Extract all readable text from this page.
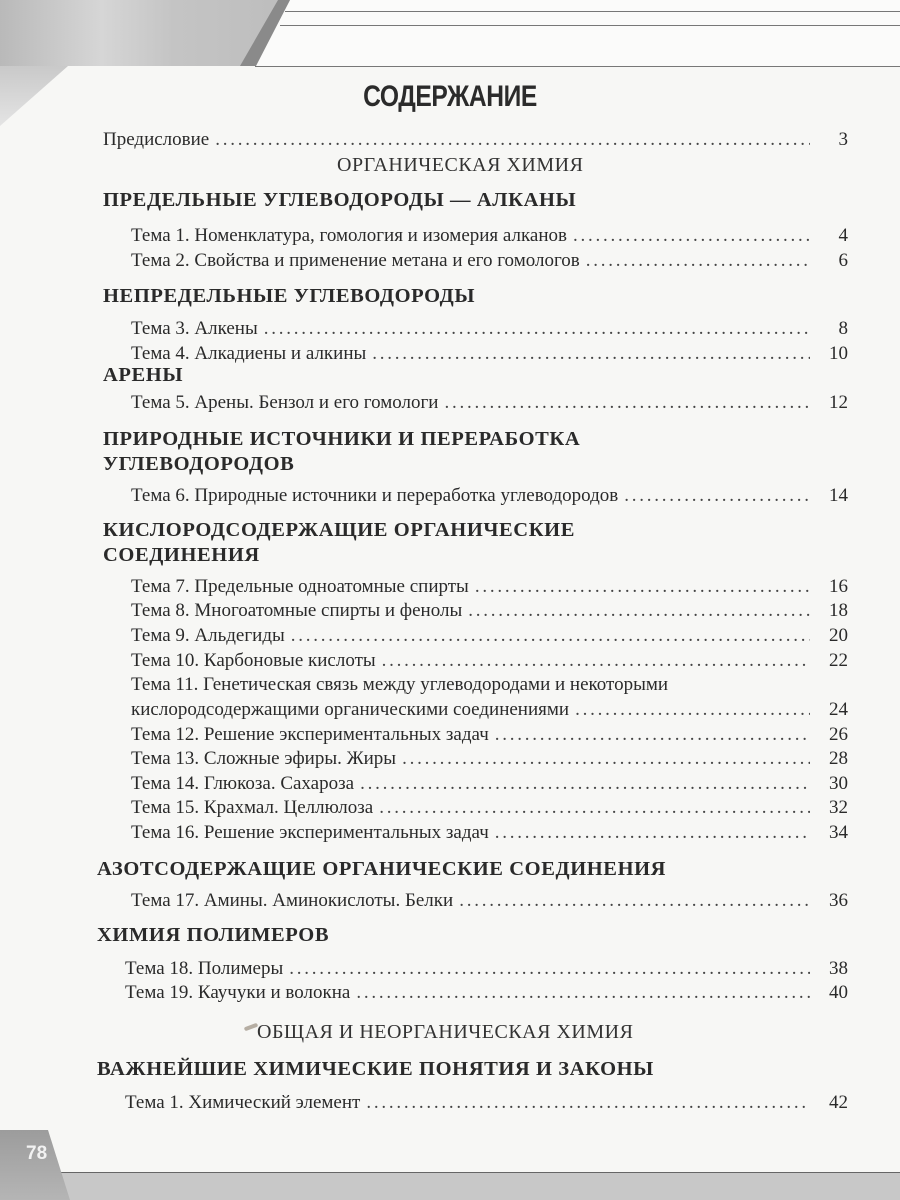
СОДЕРЖАНИЕ
Предисловие . . .	3
ОРГАНИЧЕСКАЯ ХИМИЯ
ПРЕДЕЛЬНЫЕ УГЛЕВОДОРОДЫ — АЛКАНЫ
Тема 1. Номенклатура, гомология и изомерия алканов . . .	4
Тема 2. Свойства и применение метана и его гомологов . . .	6
НЕПРЕДЕЛЬНЫЕ УГЛЕВОДОРОДЫ
Тема 3. Алкены . . .	8
Тема 4. Алкадиены и алкины . . .	10
АРЕНЫ
Тема 5. Арены. Бензол и его гомологи . . .	12
ПРИРОДНЫЕ ИСТОЧНИКИ И ПЕРЕРАБОТКА
УГЛЕВОДОРОДОВ
Тема 6. Природные источники и переработка углеводородов . . .	14
КИСЛОРОДСОДЕРЖАЩИЕ ОРГАНИЧЕСКИЕ
СОЕДИНЕНИЯ
Тема 7. Предельные одноатомные спирты . . .	16
Тема 8. Многоатомные спирты и фенолы . . .	18
Тема 9. Альдегиды . . .	20
Тема 10. Карбоновые кислоты . . .	22
Тема 11. Генетическая связь между углеводородами и некоторыми
кислородсодержащими органическими соединениями . . .	24
Тема 12. Решение экспериментальных задач . . .	26
Тема 13. Сложные эфиры. Жиры . . .	28
Тема 14. Глюкоза. Сахароза . . .	30
Тема 15. Крахмал. Целлюлоза . . .	32
Тема 16. Решение экспериментальных задач . . .	34
АЗОТСОДЕРЖАЩИЕ ОРГАНИЧЕСКИЕ СОЕДИНЕНИЯ
Тема 17. Амины. Аминокислоты. Белки . . .	36
ХИМИЯ ПОЛИМЕРОВ
Тема 18. Полимеры . . .	38
Тема 19. Каучуки и волокна . . .	40
ОБЩАЯ И НЕОРГАНИЧЕСКАЯ ХИМИЯ
ВАЖНЕЙШИЕ ХИМИЧЕСКИЕ ПОНЯТИЯ И ЗАКОНЫ
Тема 1. Химический элемент . . .	42
78
